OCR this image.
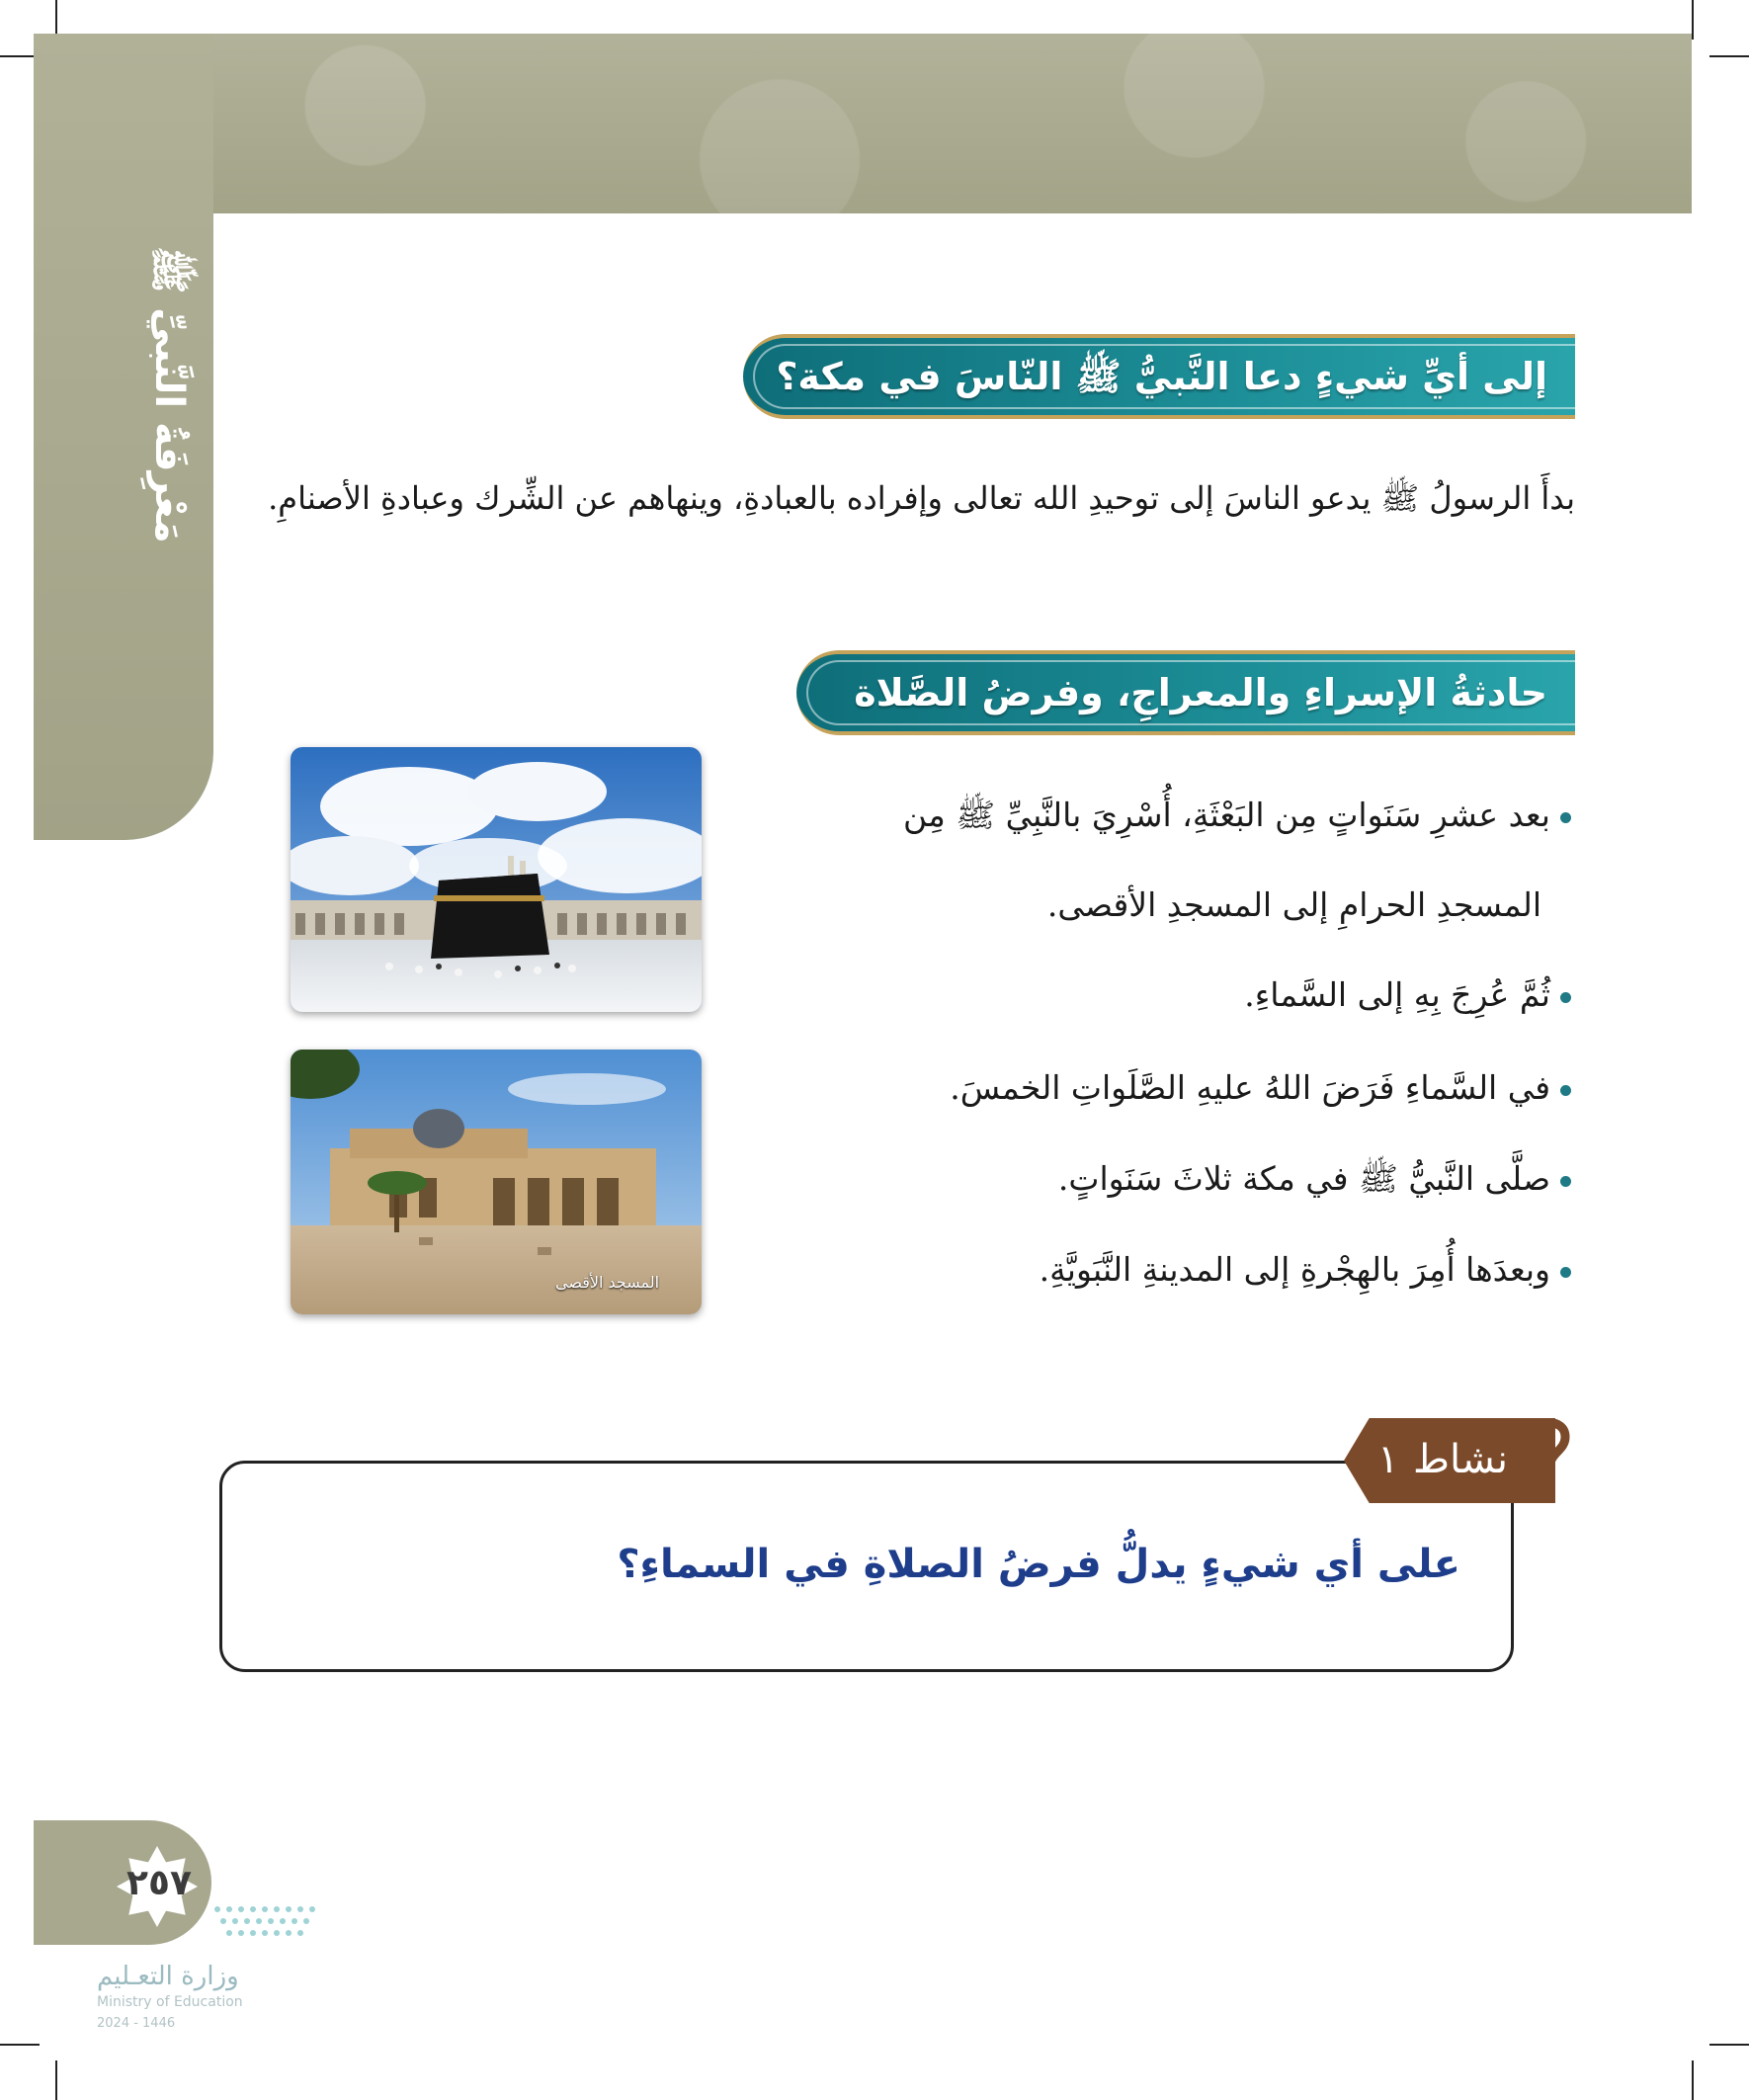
مَعْرِفَةُ النَّبيِّ ﷺ	إلى أيِّ شيءٍ دعا النَّبيُّ ﷺ النّاسَ في مكة؟
بدأَ الرسولُ ﷺ يدعو الناسَ إلى توحيدِ الله تعالى وإفراده بالعبادةِ، وينهاهم عن الشِّرك وعبادةِ الأصنامِ.
حادثةُ الإسراءِ والمعراجِ، وفرضُ الصَّلاة
المسجد الأقصى
بعد عشرِ سَنَواتٍ مِن البَعْثَةِ، أُسْرِيَ بالنَّبِيِّ ﷺ مِن
المسجدِ الحرامِ إلى المسجدِ الأقصى.
ثُمَّ عُرِجَ بِهِ إلى السَّماءِ.
في السَّماءِ فَرَضَ اللهُ عليهِ الصَّلَواتِ الخمسَ.
صلَّى النَّبيُّ ﷺ في مكة ثلاثَ سَنَواتٍ.
وبعدَها أُمِرَ بالهِجْرةِ إلى المدينةِ النَّبَويَّةِ.
نشاط
١
على أي شيءٍ يدلُّ فرضُ الصلاةِ في السماءِ؟
٢٥٧
وزارة التعـليم
Ministry of Education
2024 - 1446
